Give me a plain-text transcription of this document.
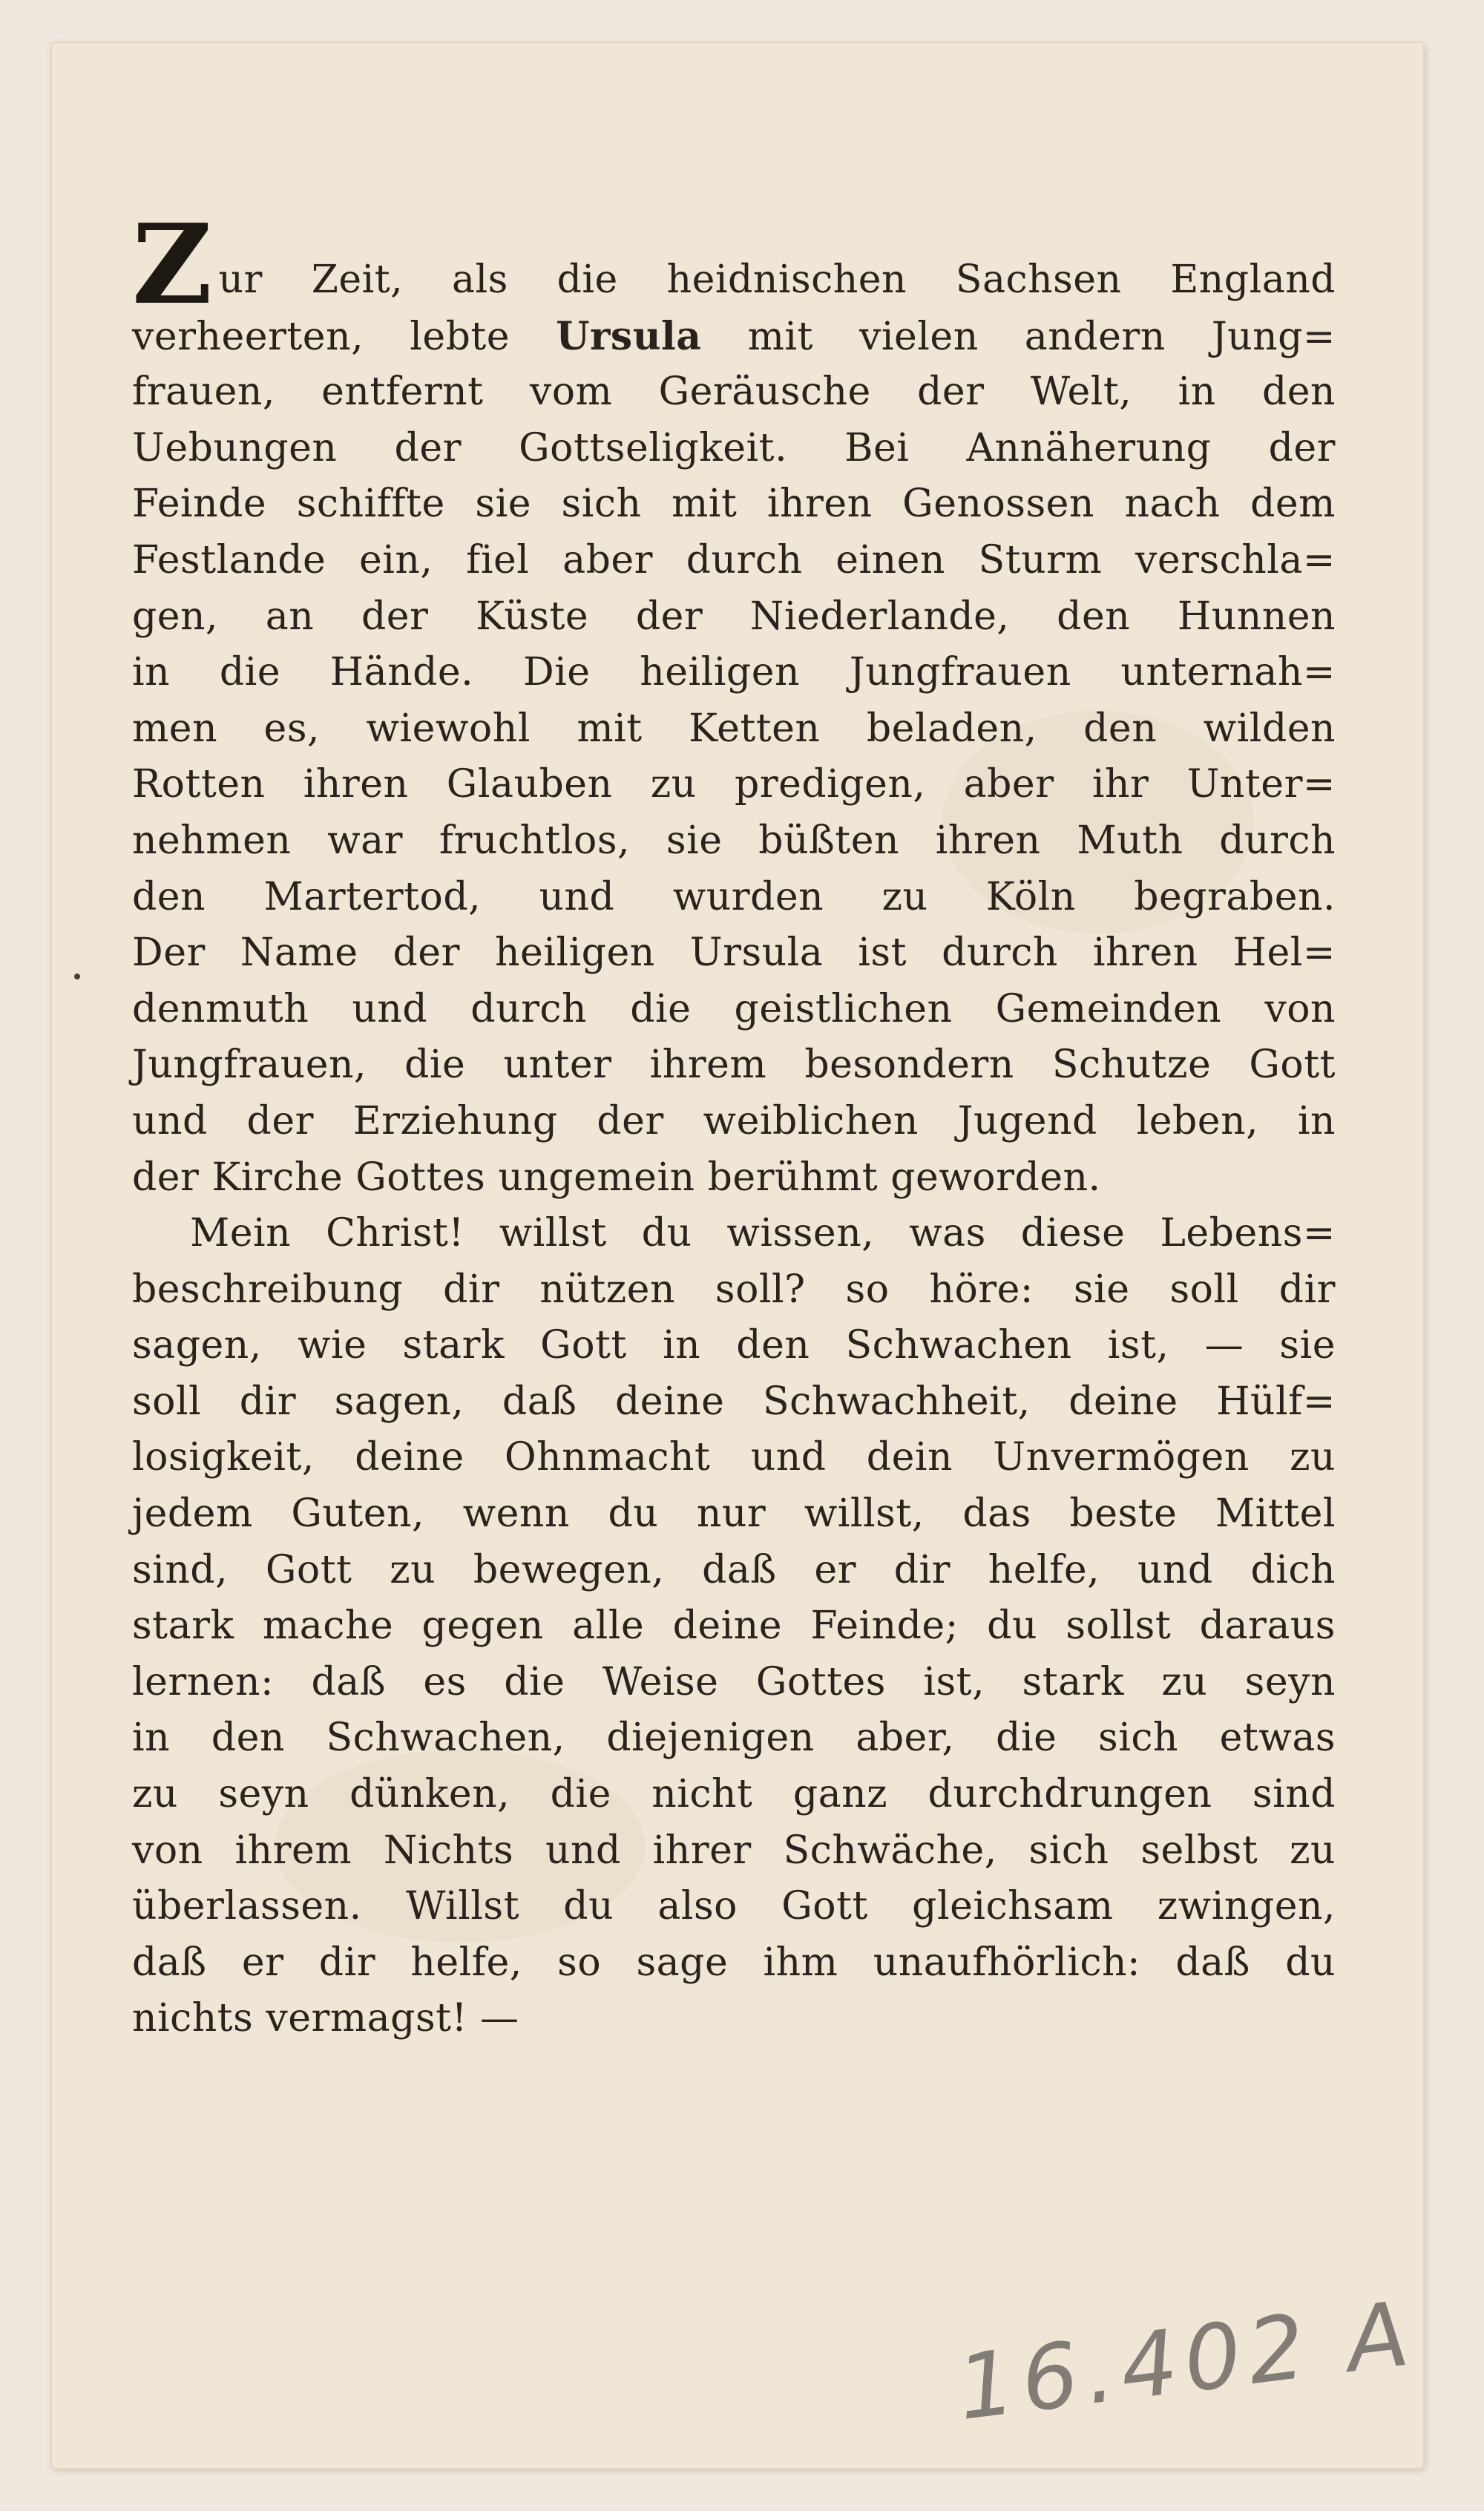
Zur Zeit, als die heidnischen Sachsen England
verheerten, lebte Ursula mit vielen andern Jung=
frauen, entfernt vom Geräusche der Welt, in den
Uebungen der Gottseligkeit. Bei Annäherung der
Feinde schiffte sie sich mit ihren Genossen nach dem
Festlande ein, fiel aber durch einen Sturm verschla=
gen, an der Küste der Niederlande, den Hunnen
in die Hände. Die heiligen Jungfrauen unternah=
men es, wiewohl mit Ketten beladen, den wilden
Rotten ihren Glauben zu predigen, aber ihr Unter=
nehmen war fruchtlos, sie büßten ihren Muth durch
den Martertod, und wurden zu Köln begraben.
Der Name der heiligen Ursula ist durch ihren Hel=
denmuth und durch die geistlichen Gemeinden von
Jungfrauen, die unter ihrem besondern Schutze Gott
und der Erziehung der weiblichen Jugend leben, in
der Kirche Gottes ungemein berühmt geworden.
Mein Christ! willst du wissen, was diese Lebens=
beschreibung dir nützen soll? so höre: sie soll dir
sagen, wie stark Gott in den Schwachen ist, — sie
soll dir sagen, daß deine Schwachheit, deine Hülf=
losigkeit, deine Ohnmacht und dein Unvermögen zu
jedem Guten, wenn du nur willst, das beste Mittel
sind, Gott zu bewegen, daß er dir helfe, und dich
stark mache gegen alle deine Feinde; du sollst daraus
lernen: daß es die Weise Gottes ist, stark zu seyn
in den Schwachen, diejenigen aber, die sich etwas
zu seyn dünken, die nicht ganz durchdrungen sind
von ihrem Nichts und ihrer Schwäche, sich selbst zu
überlassen. Willst du also Gott gleichsam zwingen,
daß er dir helfe, so sage ihm unaufhörlich: daß du
nichts vermagst! —
16.402 A
